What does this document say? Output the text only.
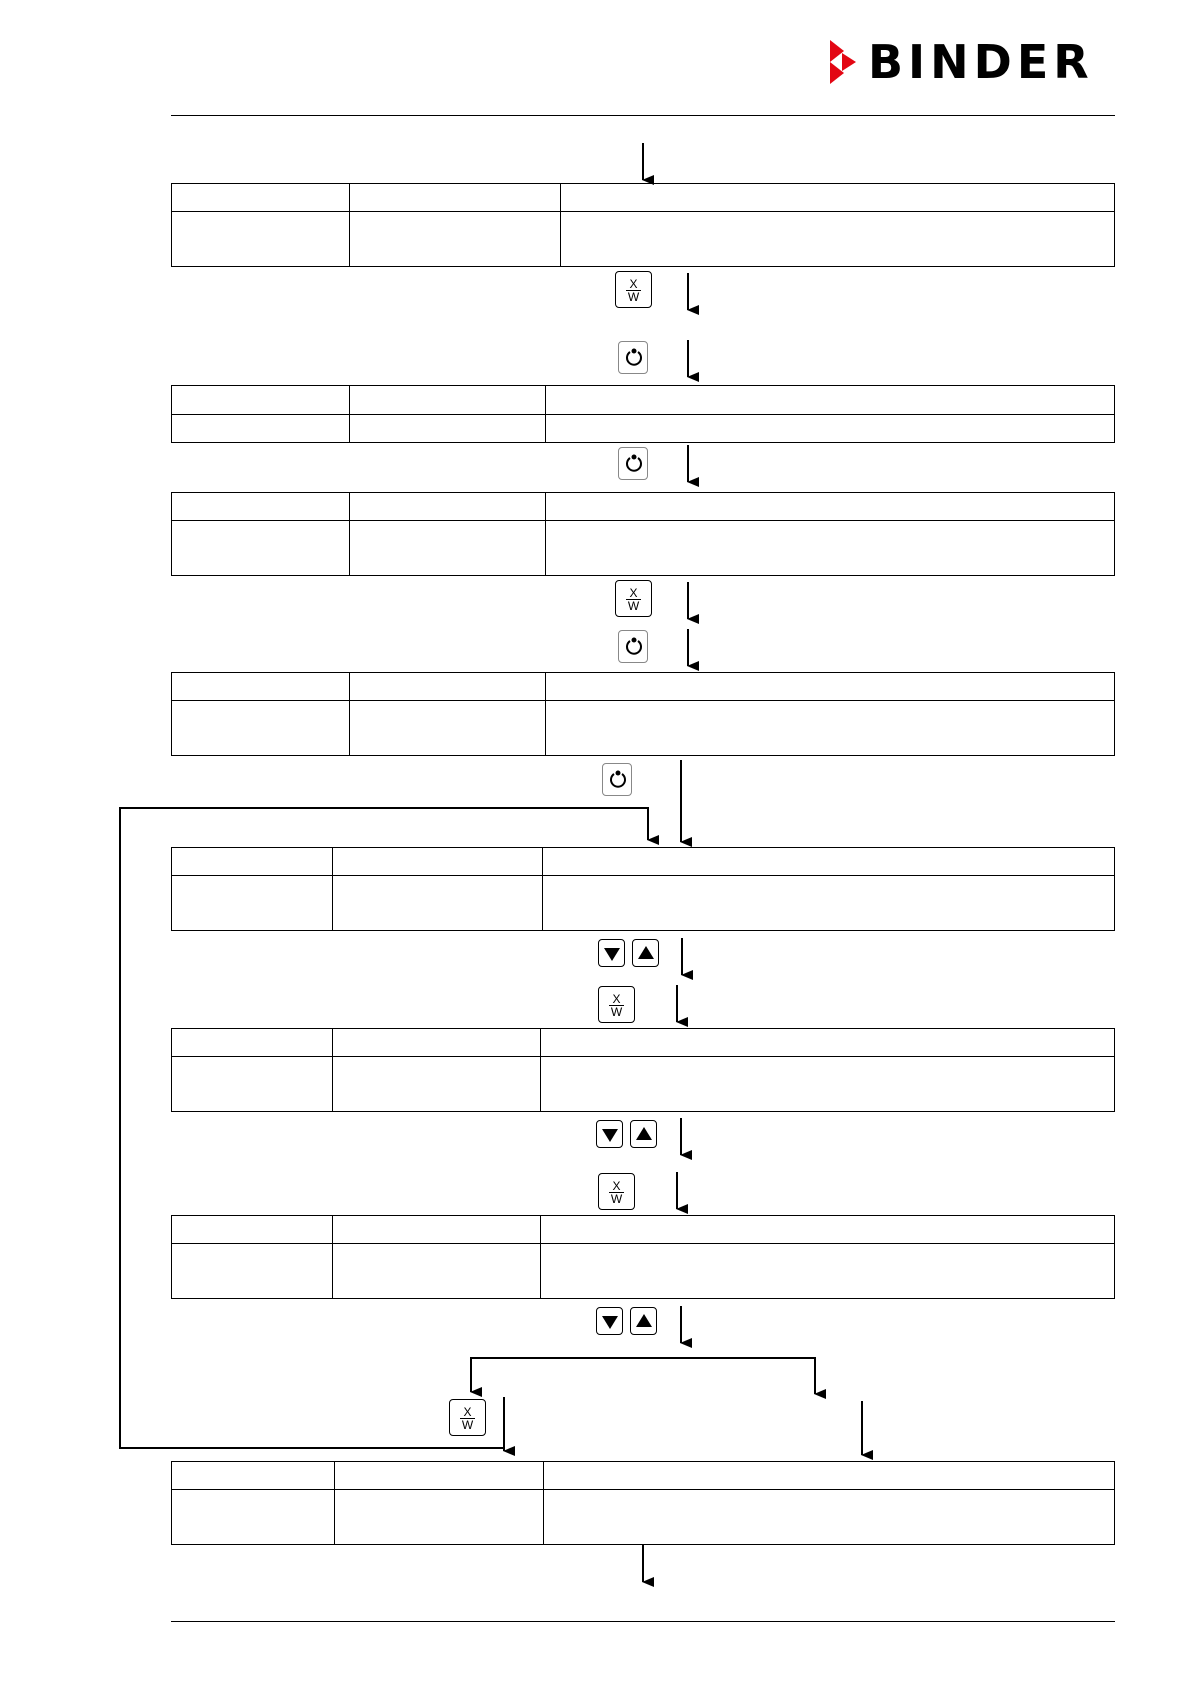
BINDER

X
W
X
W
X
W
X
W
X
W
